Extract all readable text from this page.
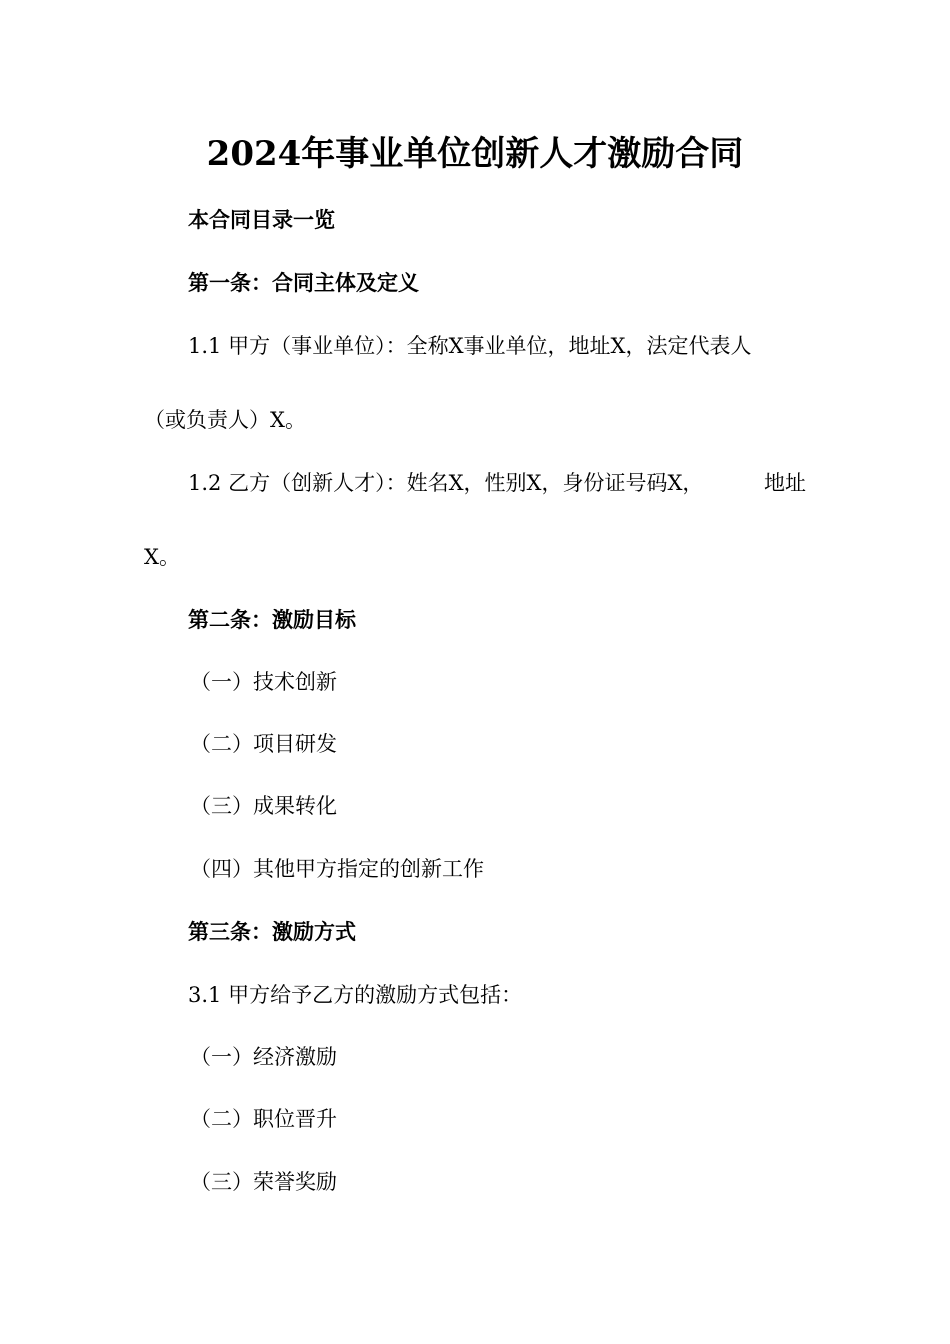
2024年事业单位创新人才激励合同

本合同目录一览

第一条：合同主体及定义

1.1 甲方（事业单位）：全称X事业单位，地址X，法定代表人

（或负责人）X。

1.2 乙方（创新人才）：姓名X，性别X，身份证号码X，	地址

X。

第二条：激励目标

（一）技术创新

（二）项目研发

（三）成果转化

（四）其他甲方指定的创新工作

第三条：激励方式

3.1 甲方给予乙方的激励方式包括：

（一）经济激励

（二）职位晋升

（三）荣誉奖励
